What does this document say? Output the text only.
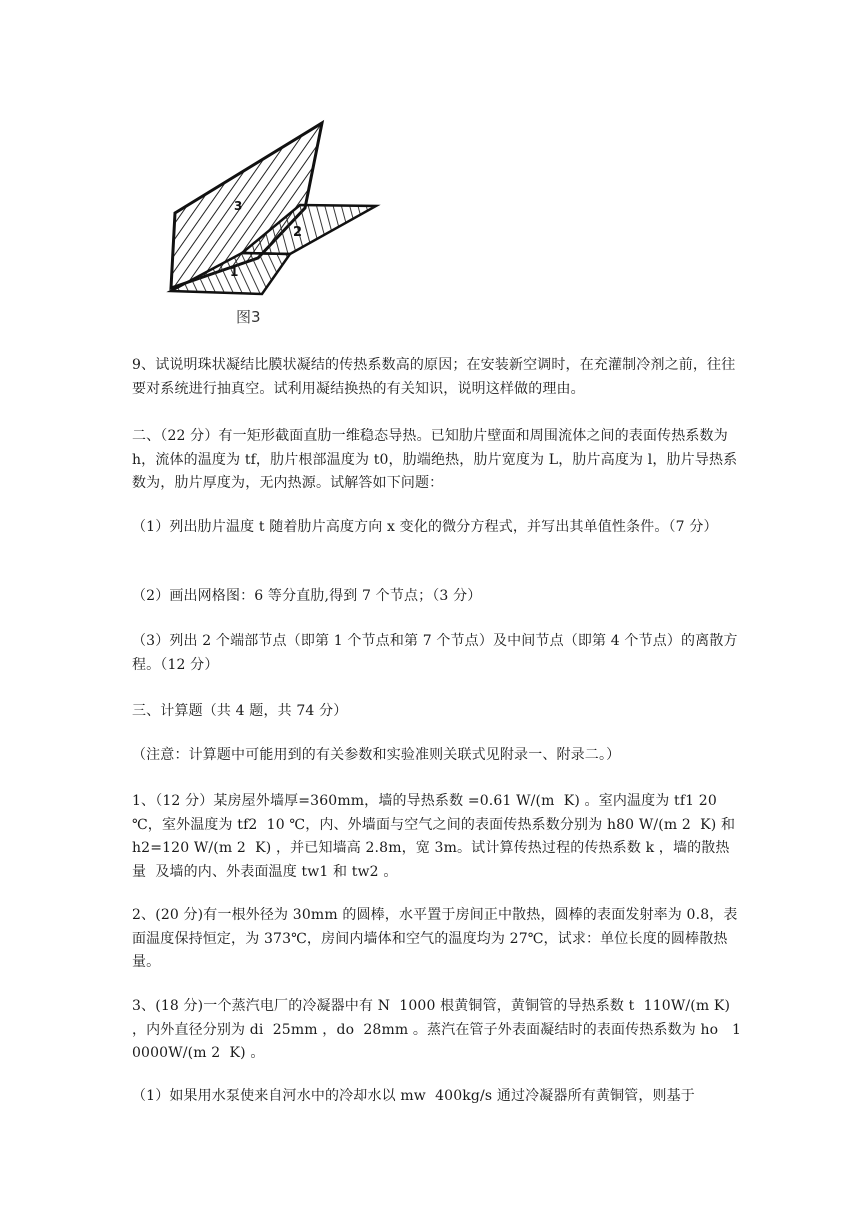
3
2
1
图3
9、试说明珠状凝结比膜状凝结的传热系数高的原因；在安装新空调时，在充灌制冷剂之前，往往要对系统进行抽真空。试利用凝结换热的有关知识，说明这样做的理由。
二、（22 分）有一矩形截面直肋一维稳态导热。已知肋片壁面和周围流体之间的表面传热系数为 h，流体的温度为 tf，肋片根部温度为 t0，肋端绝热，肋片宽度为 L，肋片高度为 l，肋片导热系数为，肋片厚度为，无内热源。试解答如下问题：
（1）列出肋片温度 t 随着肋片高度方向 x 变化的微分方程式，并写出其单值性条件。（7 分）
（2）画出网格图：6 等分直肋,得到 7 个节点；（3 分）
（3）列出 2 个端部节点（即第 1 个节点和第 7 个节点）及中间节点（即第 4 个节点）的离散方程。（12 分）
三、计算题（共 4 题，共 74 分）
（注意：计算题中可能用到的有关参数和实验准则关联式见附录一、附录二。）
1、（12 分）某房屋外墙厚=360mm，墙的导热系数 =0.61 W/(m  K) 。室内温度为 tf1 20 ℃，室外温度为 tf2  10 ℃，内、外墙面与空气之间的表面传热系数分别为 h80 W/(m 2  K) 和 h2=120 W/(m 2  K) ，并已知墙高 2.8m，宽 3m。试计算传热过程的传热系数 k ，墙的散热量  及墙的内、外表面温度 tw1 和 tw2 。
2、(20 分)有一根外径为 30mm 的圆棒，水平置于房间正中散热，圆棒的表面发射率为 0.8，表面温度保持恒定，为 373℃，房间内墙体和空气的温度均为 27℃，试求：单位长度的圆棒散热量。
3、(18 分)一个蒸汽电厂的冷凝器中有 N  1000 根黄铜管，黄铜管的导热系数 t  110W/(m K) ，内外直径分别为 di  25mm ，do  28mm 。蒸汽在管子外表面凝结时的表面传热系数为 ho   10000W/(m 2  K) 。
（1）如果用水泵使来自河水中的冷却水以 mw  400kg/s 通过冷凝器所有黄铜管，则基于
